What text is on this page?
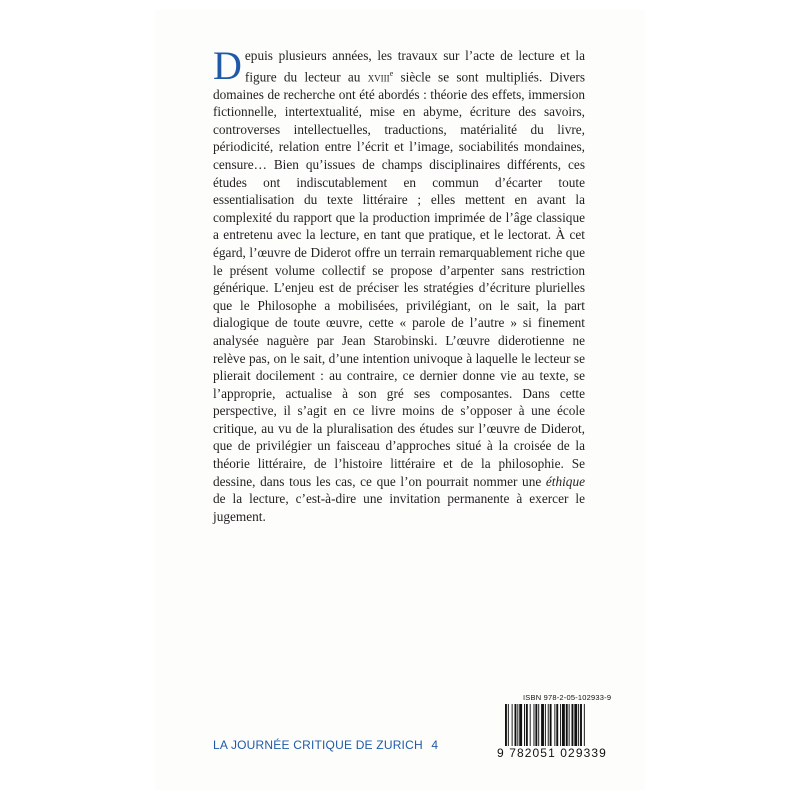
Depuis plusieurs années, les travaux sur l’acte de lecture et la figure du lecteur au xviii$^e$ siècle se sont multipliés. Divers domaines de recherche ont été abordés : théorie des effets, immersion fictionnelle, intertextualité, mise en abyme, écriture des savoirs, controverses intellectuelles, traductions, matérialité du livre, périodicité, relation entre l’écrit et l’image, sociabilités mondaines, censure… Bien qu’issues de champs disciplinaires différents, ces études ont indiscutablement en commun d’écarter toute essentialisation du texte littéraire ; elles mettent en avant la complexité du rapport que la production imprimée de l’âge classique a entretenu avec la lecture, en tant que pratique, et le lectorat. À cet égard, l’œuvre de Diderot offre un terrain remarquablement riche que le présent volume collectif se propose d’arpenter sans restriction générique. L’enjeu est de préciser les stratégies d’écriture plurielles que le Philosophe a mobilisées, privilégiant, on le sait, la part dialogique de toute œuvre, cette « parole de l’autre » si finement analysée naguère par Jean Starobinski. L’œuvre diderotienne ne relève pas, on le sait, d’une intention univoque à laquelle le lecteur se plierait docilement : au contraire, ce dernier donne vie au texte, se l’approprie, actualise à son gré ses composantes. Dans cette perspective, il s’agit en ce livre moins de s’opposer à une école critique, au vu de la pluralisation des études sur l’œuvre de Diderot, que de privilégier un faisceau d’approches situé à la croisée de la théorie littéraire, de l’histoire littéraire et de la philosophie. Se dessine, dans tous les cas, ce que l’on pourrait nommer une éthique de la lecture, c’est-à-dire une invitation permanente à exercer le jugement.

LA JOURNÉE CRITIQUE DE ZURICH 4
ISBN 978-2-05-102933-9
9 782051 029339
